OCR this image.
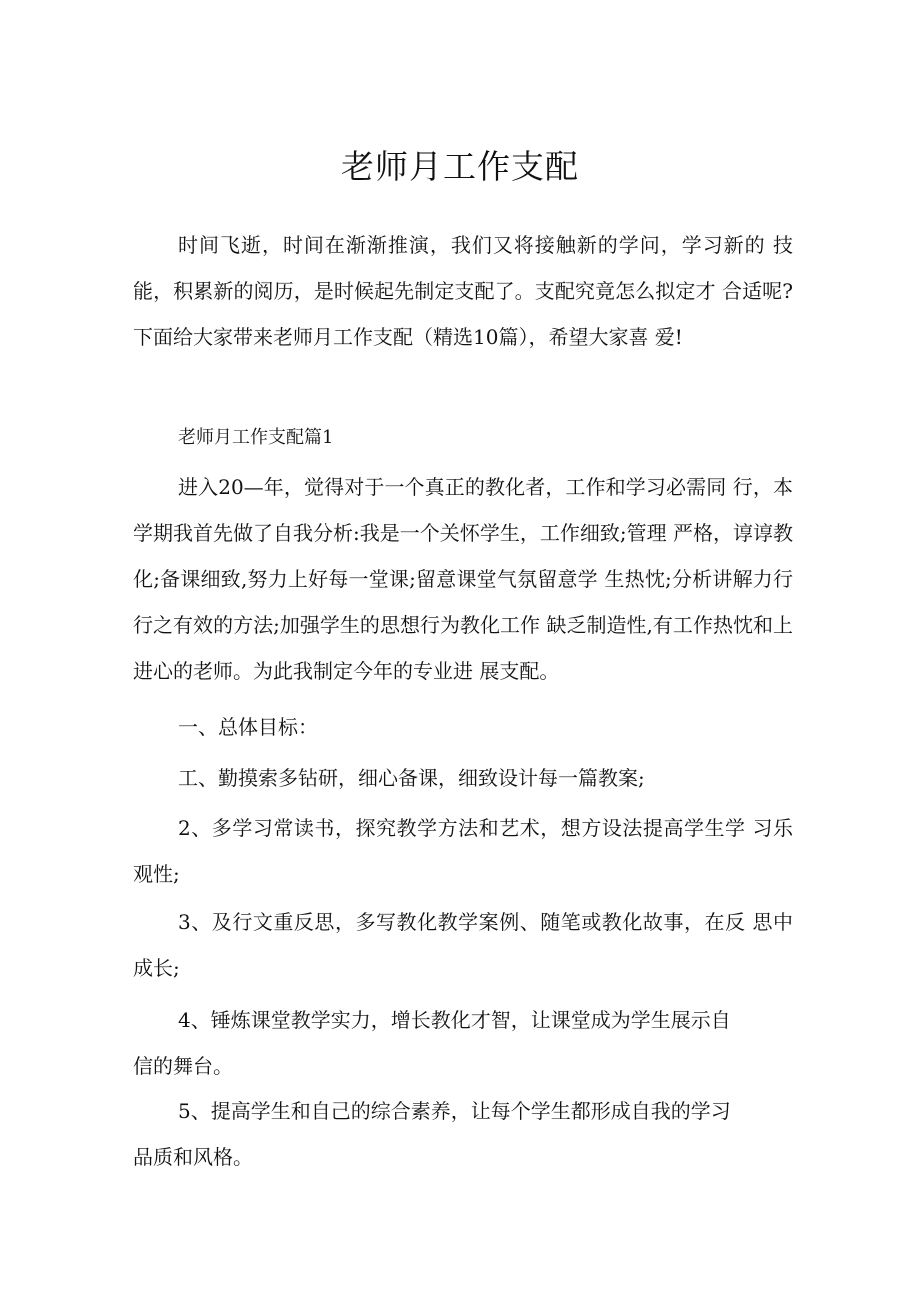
老师月工作支配

时间飞逝，时间在渐渐推演，我们又将接触新的学问，学习新的 技能，积累新的阅历，是时候起先制定支配了。支配究竟怎么拟定才 合适呢?下面给大家带来老师月工作支配（精选10篇），希望大家喜 爱!

老师月工作支配篇1

进入20—年，觉得对于一个真正的教化者，工作和学习必需同 行，本学期我首先做了自我分析:我是一个关怀学生，工作细致;管理 严格，谆谆教化;备课细致,努力上好每一堂课;留意课堂气氛留意学 生热忱;分析讲解力行行之有效的方法;加强学生的思想行为教化工作 缺乏制造性,有工作热忱和上进心的老师。为此我制定今年的专业进 展支配。

一、总体目标：

工、勤摸索多钻研，细心备课，细致设计每一篇教案;

2、多学习常读书，探究教学方法和艺术，想方设法提高学生学 习乐观性;

3、及行文重反思，多写教化教学案例、随笔或教化故事，在反 思中成长;

4、锤炼课堂教学实力，增长教化才智，让课堂成为学生展示自
信的舞台。
5、提高学生和自己的综合素养，让每个学生都形成自我的学习
品质和风格。
